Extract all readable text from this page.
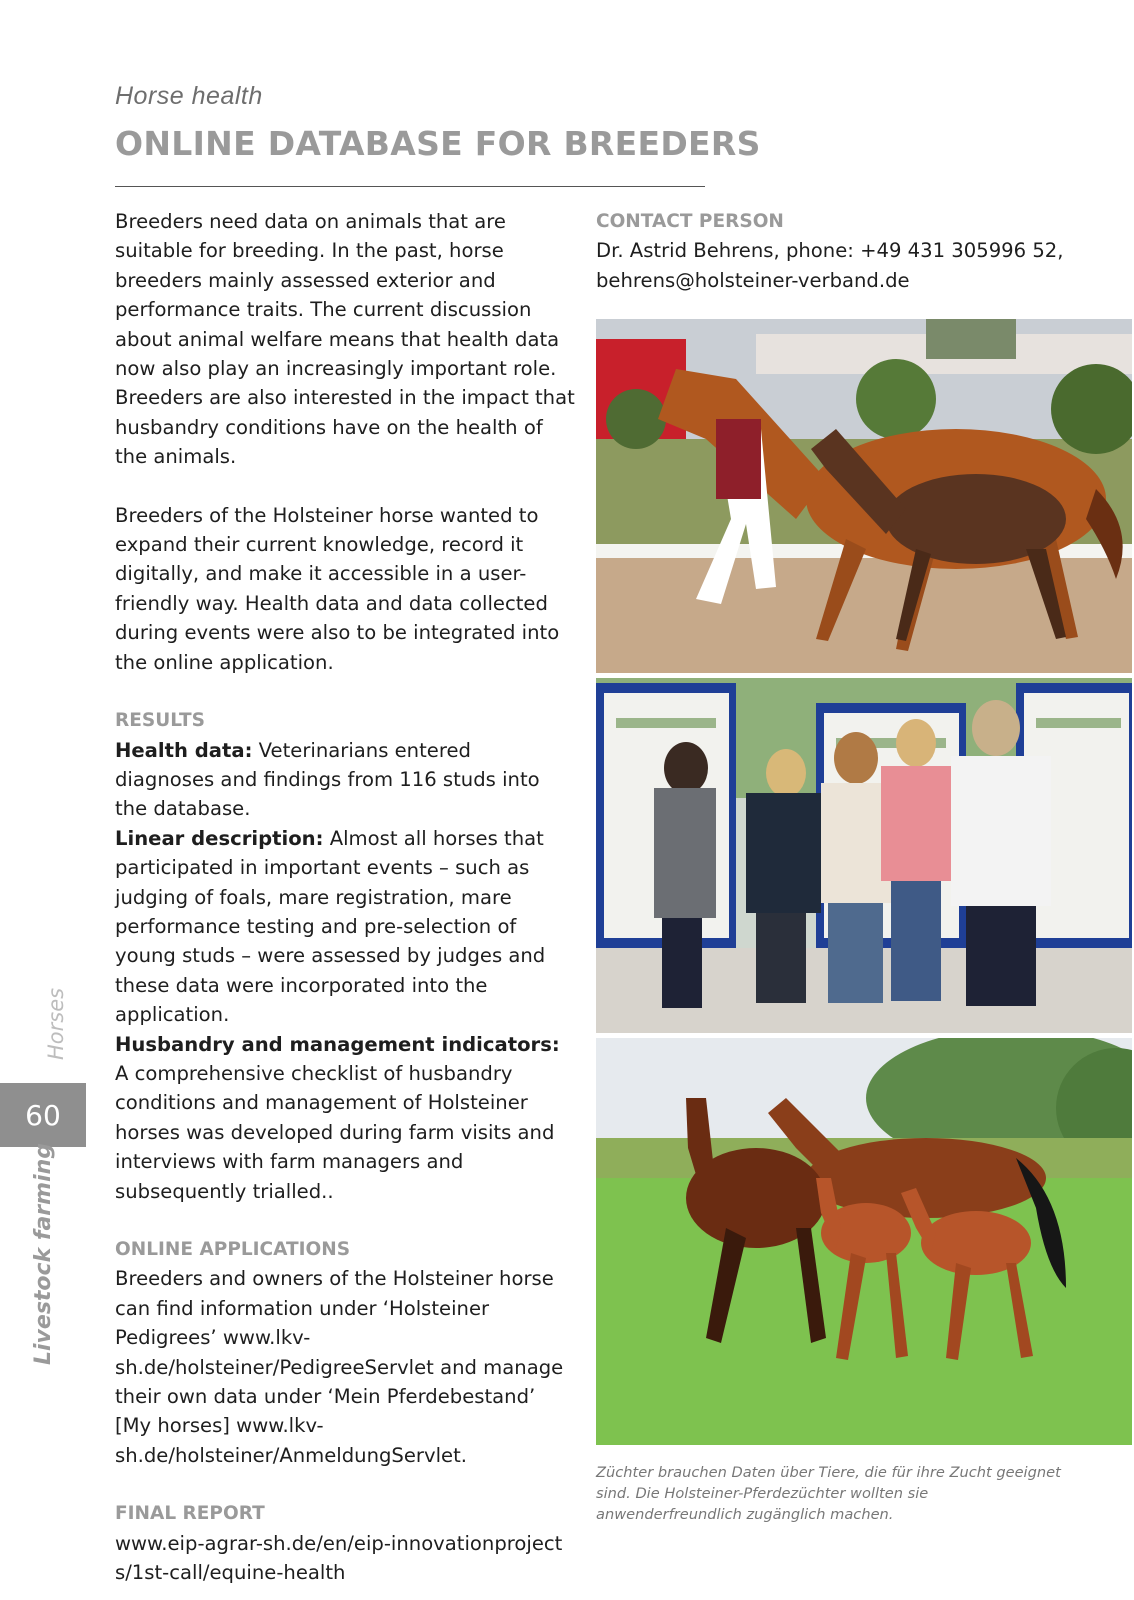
Horse health
ONLINE DATABASE FOR BREEDERS

Breeders need data on animals that are suitable for breeding. In the past, horse breeders mainly assessed exterior and performance traits. The current discussion about animal welfare means that health data now also play an increasingly important role. Breeders are also interested in the impact that husbandry conditions have on the health of the animals.

Breeders of the Holsteiner horse wanted to expand their current knowledge, record it digitally, and make it accessible in a user-friendly way. Health data and data collected during events were also to be integrated into the online application.

RESULTS

Health data: Veterinarians entered diagnoses and findings from 116 studs into the database.

Linear description: Almost all horses that participated in important events – such as judging of foals, mare registration, mare performance testing and pre-selection of young studs – were assessed by judges and these data were incorporated into the application.

Husbandry and management indicators:

A comprehensive checklist of husbandry conditions and management of Holsteiner horses was developed during farm visits and interviews with farm managers and subsequently trialled..

ONLINE APPLICATIONS

Breeders and owners of the Holsteiner horse can find information under ‘Holsteiner Pedigrees’ www.lkv-sh.de/holsteiner/PedigreeServlet and manage their own data under ‘Mein Pferdebestand’ [My horses] www.lkv-sh.de/holsteiner/AnmeldungServlet.

FINAL REPORT

www.eip-agrar-sh.de/en/eip-innovationprojects/1st-call/equine-health

CONTACT PERSON

Dr. Astrid Behrens, phone: +49 431 305996 52,

behrens@holsteiner-verband.de

Züchter brauchen Daten über Tiere, die für ihre Zucht geeignet sind. Die Holsteiner-Pferdezüchter wollten sie anwenderfreundlich zugänglich machen.
Horses
60
Livestock farming
